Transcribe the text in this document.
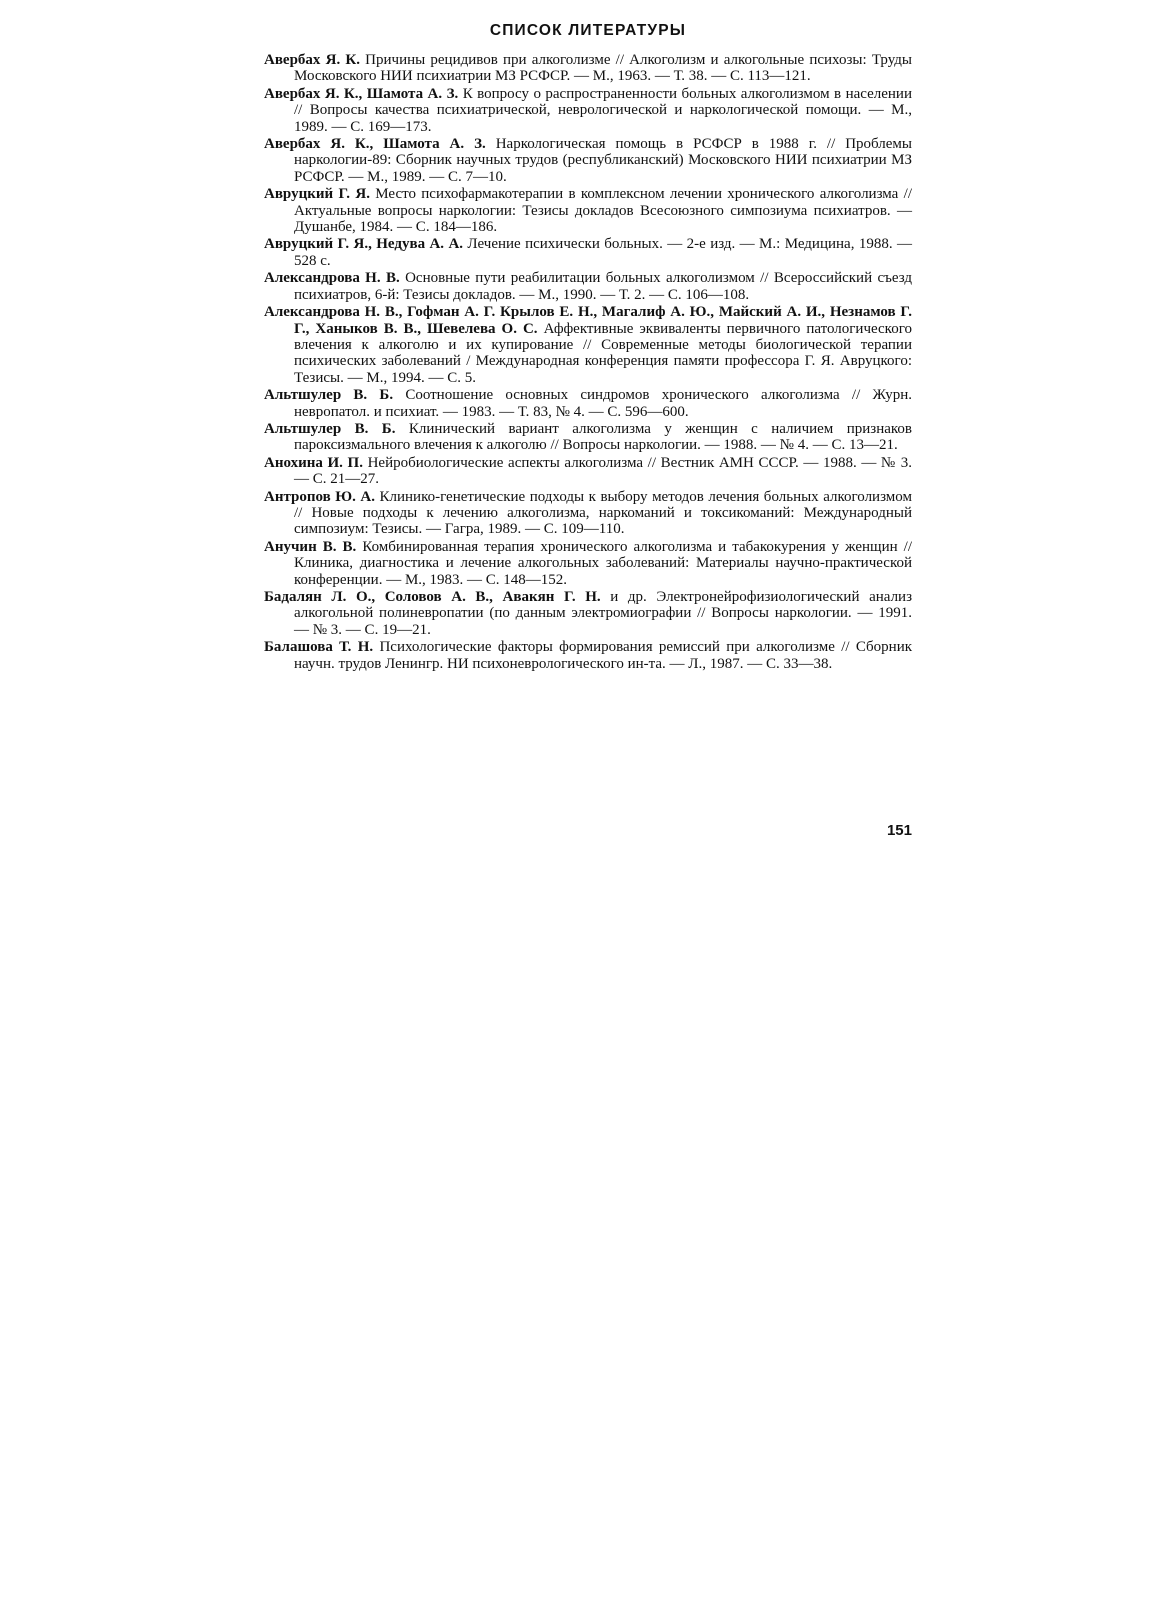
СПИСОК ЛИТЕРАТУРЫ

Авербах Я. К. Причины рецидивов при алкоголизме // Алкоголизм и алкогольные психозы: Труды Московского НИИ психиатрии МЗ РСФСР. — М., 1963. — Т. 38. — С. 113—121.

Авербах Я. К., Шамота А. З. К вопросу о распространенности больных алкоголизмом в населении // Вопросы качества психиатрической, неврологической и наркологической помощи. — М., 1989. — С. 169—173.

Авербах Я. К., Шамота А. З. Наркологическая помощь в РСФСР в 1988 г. // Проблемы наркологии-89: Сборник научных трудов (республиканский) Московского НИИ психиатрии МЗ РСФСР. — М., 1989. — С. 7—10.

Авруцкий Г. Я. Место психофармакотерапии в комплексном лечении хронического алкоголизма // Актуальные вопросы наркологии: Тезисы докладов Всесоюзного симпозиума психиатров. — Душанбе, 1984. — С. 184—186.

Авруцкий Г. Я., Недува А. А. Лечение психически больных. — 2-е изд. — М.: Медицина, 1988. — 528 с.

Александрова Н. В. Основные пути реабилитации больных алкоголизмом // Всероссийский съезд психиатров, 6-й: Тезисы докладов. — М., 1990. — Т. 2. — С. 106—108.

Александрова Н. В., Гофман А. Г. Крылов Е. Н., Магалиф А. Ю., Майский А. И., Незнамов Г. Г., Ханыков В. В., Шевелева О. С. Аффективные эквиваленты первичного патологического влечения к алкоголю и их купирование // Современные методы биологической терапии психических заболеваний / Международная конференция памяти профессора Г. Я. Авруцкого: Тезисы. — М., 1994. — С. 5.

Альтшулер В. Б. Соотношение основных синдромов хронического алкоголизма // Журн. невропатол. и психиат. — 1983. — Т. 83, № 4. — С. 596—600.

Альтшулер В. Б. Клинический вариант алкоголизма у женщин с наличием признаков пароксизмального влечения к алкоголю // Вопросы наркологии. — 1988. — № 4. — С. 13—21.

Анохина И. П. Нейробиологические аспекты алкоголизма // Вестник АМН СССР. — 1988. — № 3. — С. 21—27.

Антропов Ю. А. Клинико-генетические подходы к выбору методов лечения больных алкоголизмом // Новые подходы к лечению алкоголизма, наркоманий и токсикоманий: Международный симпозиум: Тезисы. — Гагра, 1989. — С. 109—110.

Анучин В. В. Комбинированная терапия хронического алкоголизма и табакокурения у женщин // Клиника, диагностика и лечение алкогольных заболеваний: Материалы научно-практической конференции. — М., 1983. — С. 148—152.

Бадалян Л. О., Соловов А. В., Авакян Г. Н. и др. Электронейрофизиологический анализ алкогольной полиневропатии (по данным электромиографии // Вопросы наркологии. — 1991. — № 3. — С. 19—21.

Балашова Т. Н. Психологические факторы формирования ремиссий при алкоголизме // Сборник научн. трудов Ленингр. НИ психоневрологического ин-та. — Л., 1987. — С. 33—38.

151
